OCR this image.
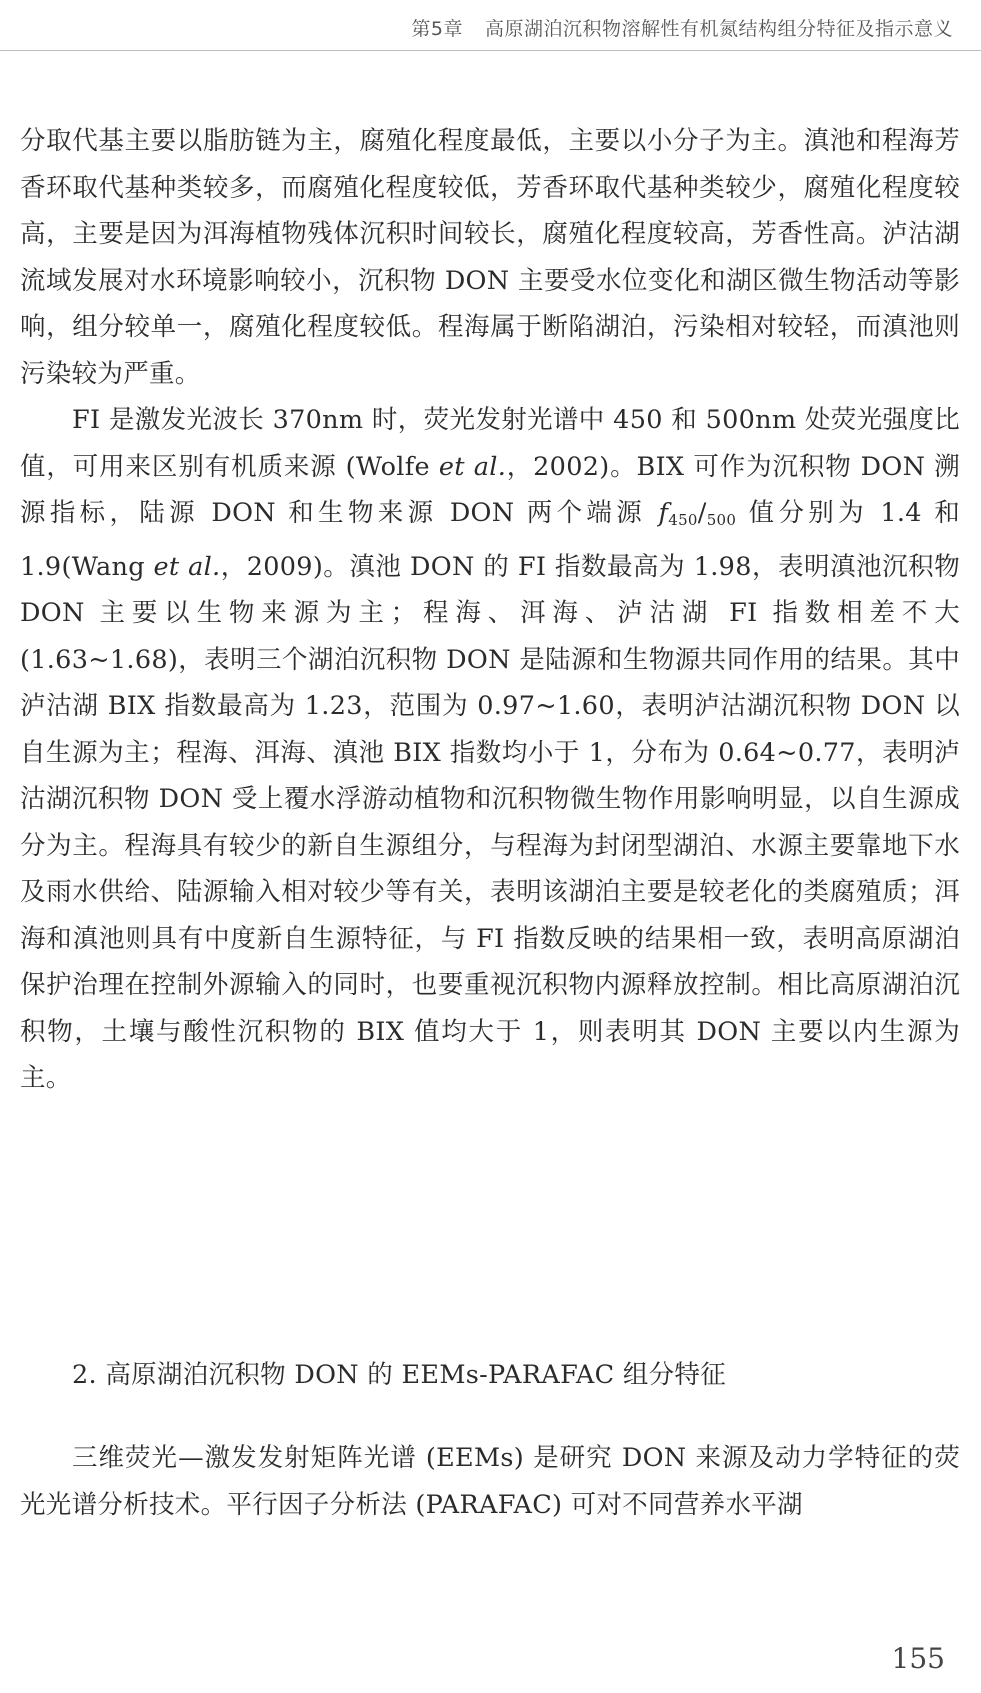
第5章 高原湖泊沉积物溶解性有机氮结构组分特征及指示意义

分取代基主要以脂肪链为主，腐殖化程度最低，主要以小分子为主。滇池和程海芳香环取代基种类较多，而腐殖化程度较低，芳香环取代基种类较少，腐殖化程度较高，主要是因为洱海植物残体沉积时间较长，腐殖化程度较高，芳香性高。泸沽湖流域发展对水环境影响较小，沉积物 DON 主要受水位变化和湖区微生物活动等影响，组分较单一，腐殖化程度较低。程海属于断陷湖泊，污染相对较轻，而滇池则污染较为严重。

FI 是激发光波长 370nm 时，荧光发射光谱中 450 和 500nm 处荧光强度比值，可用来区别有机质来源 (Wolfe et al.，2002)。BIX 可作为沉积物 DON 溯源指标，陆源 DON 和生物来源 DON 两个端源 $f_{450}/_{500}$ 值分别为 1.4 和 1.9(Wang et al.，2009)。滇池 DON 的 FI 指数最高为 1.98，表明滇池沉积物 DON 主要以生物来源为主；程海、洱海、泸沽湖 FI 指数相差不大 (1.63~1.68)，表明三个湖泊沉积物 DON 是陆源和生物源共同作用的结果。其中泸沽湖 BIX 指数最高为 1.23，范围为 0.97~1.60，表明泸沽湖沉积物 DON 以自生源为主；程海、洱海、滇池 BIX 指数均小于 1，分布为 0.64~0.77，表明泸沽湖沉积物 DON 受上覆水浮游动植物和沉积物微生物作用影响明显，以自生源成分为主。程海具有较少的新自生源组分，与程海为封闭型湖泊、水源主要靠地下水及雨水供给、陆源输入相对较少等有关，表明该湖泊主要是较老化的类腐殖质；洱海和滇池则具有中度新自生源特征，与 FI 指数反映的结果相一致，表明高原湖泊保护治理在控制外源输入的同时，也要重视沉积物内源释放控制。相比高原湖泊沉积物，土壤与酸性沉积物的 BIX 值均大于 1，则表明其 DON 主要以内生源为主。

2. 高原湖泊沉积物 DON 的 EEMs-PARAFAC 组分特征

三维荧光—激发发射矩阵光谱 (EEMs) 是研究 DON 来源及动力学特征的荧光光谱分析技术。平行因子分析法 (PARAFAC) 可对不同营养水平湖

155
